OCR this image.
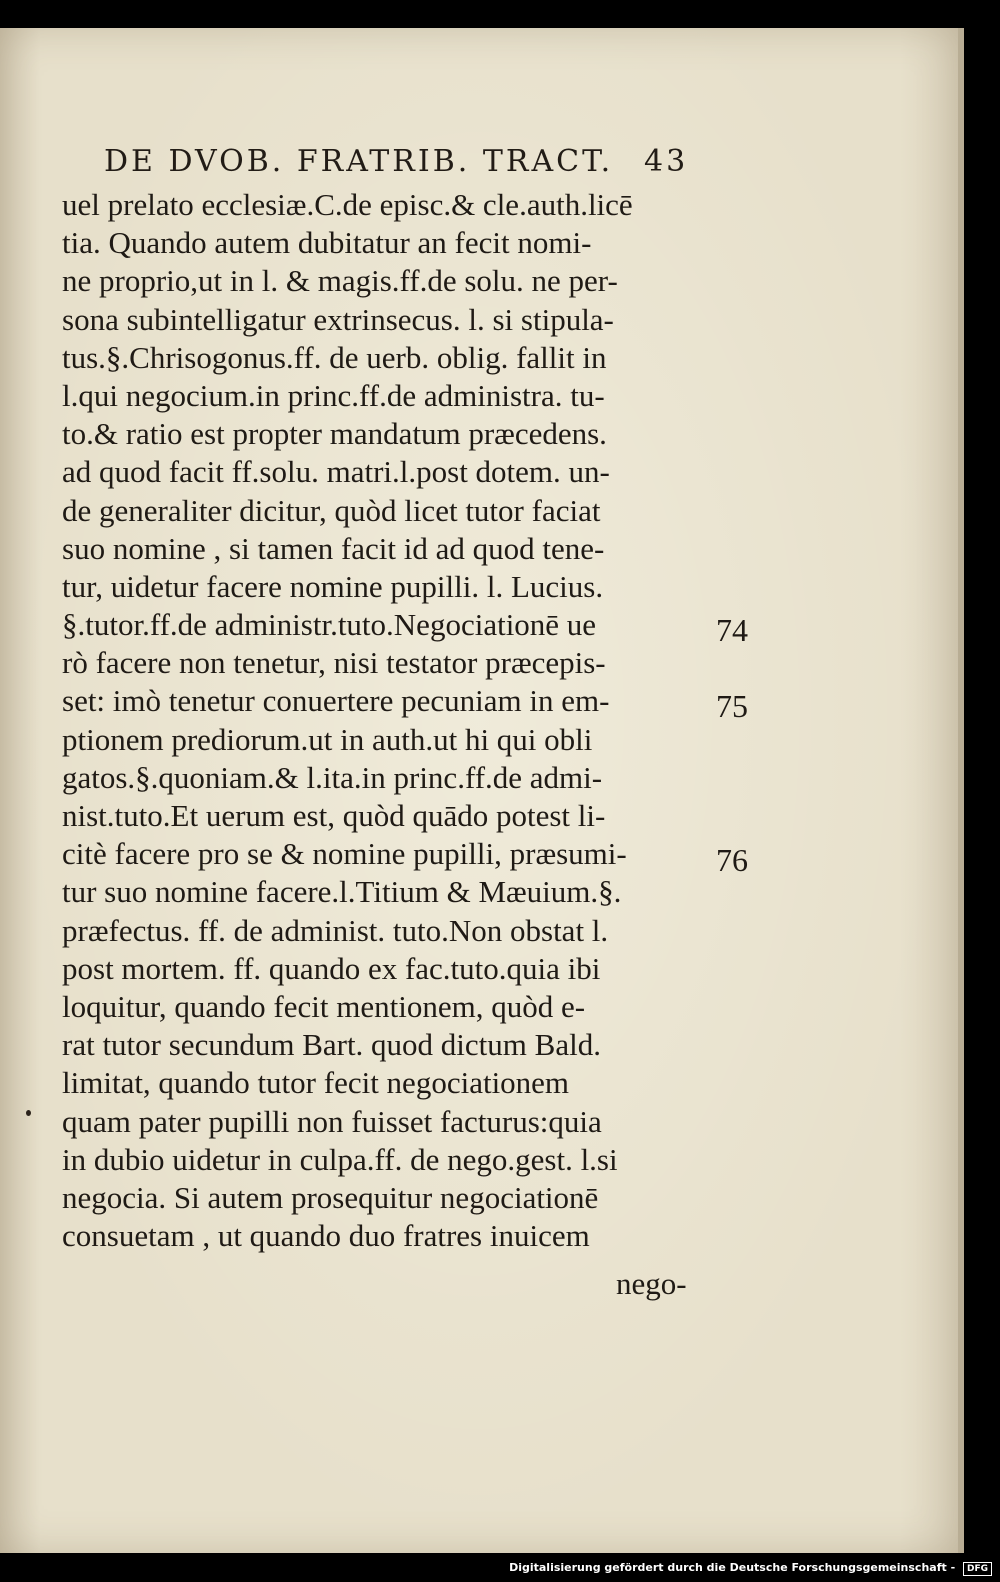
DE DVOB. FRATRIB. TRACT. 43
uel prelato ecclesiæ.C.de episc.& cle.auth.licē
tia. Quando autem dubitatur an fecit nomi-
ne proprio,ut in l. & magis.ff.de solu. ne per-
sona subintelligatur extrinsecus. l. si stipula-
tus.§.Chrisogonus.ff. de uerb. oblig. fallit in
l.qui negocium.in princ.ff.de administra. tu-
to.& ratio est propter mandatum præcedens.
ad quod facit ff.solu. matri.l.post dotem. un-
de generaliter dicitur, quòd licet tutor faciat
suo nomine , si tamen facit id ad quod tene-
tur, uidetur facere nomine pupilli. l. Lucius.
§.tutor.ff.de administr.tuto.Negociationē ue
rò facere non tenetur, nisi testator præcepis-
set: imò tenetur conuertere pecuniam in em-
ptionem prediorum.ut in auth.ut hi qui obli
gatos.§.quoniam.& l.ita.in princ.ff.de admi-
nist.tuto.Et uerum est, quòd quādo potest li-
citè facere pro se & nomine pupilli, præsumi-
tur suo nomine facere.l.Titium & Mæuium.§.
præfectus. ff. de administ. tuto.Non obstat l.
post mortem. ff. quando ex fac.tuto.quia ibi
loquitur, quando fecit mentionem, quòd e-
rat tutor secundum Bart. quod dictum Bald.
limitat, quando tutor fecit negociationem
quam pater pupilli non fuisset facturus:quia
in dubio uidetur in culpa.ff. de nego.gest. l.si
negocia. Si autem prosequitur negociationē
consuetam , ut quando duo fratres inuicem
nego-
74
75
76
Digitalisierung gefördert durch die Deutsche Forschungsgemeinschaft - DFG
